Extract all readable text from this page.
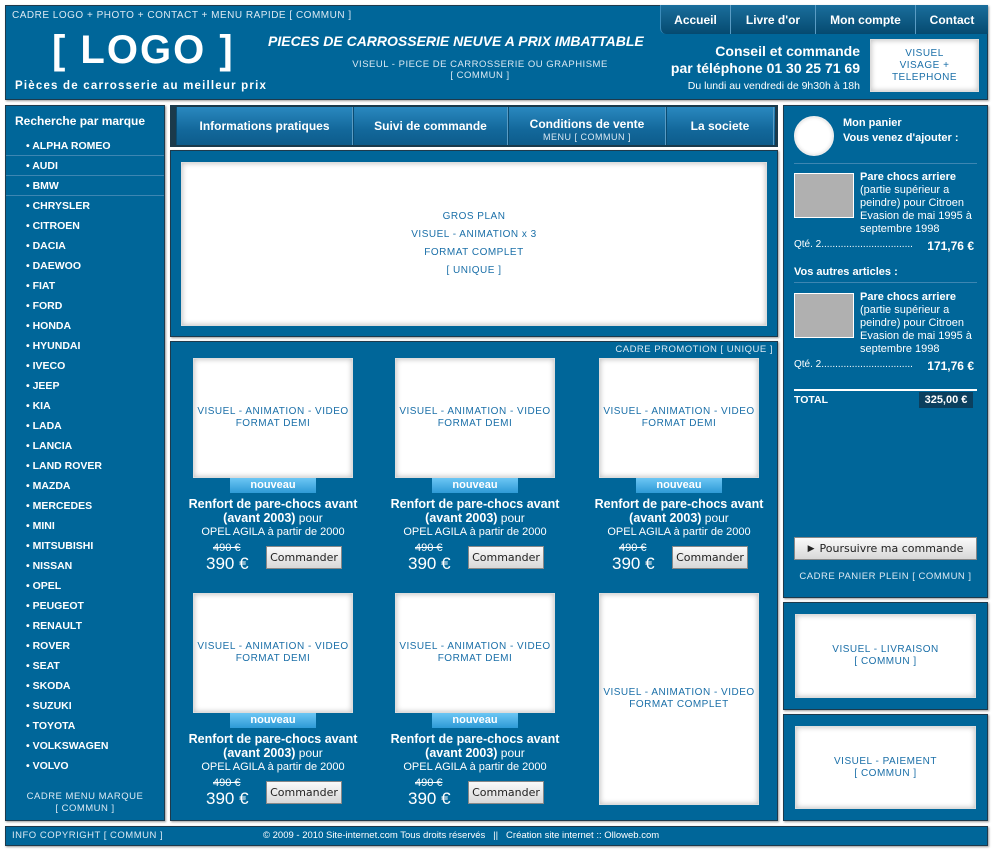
CADRE LOGO + PHOTO + CONTACT + MENU RAPIDE [ COMMUN ]
[ LOGO ]
Pièces de carrosserie au meilleur prix
PIECES DE CARROSSERIE NEUVE A PRIX IMBATTABLE
VISEUL - PIECE DE CARROSSERIE OU GRAPHISME
[ COMMUN ]
Conseil et commande
par téléphone 01 30 25 71 69
Du lundi au vendredi de 9h30h à 18h
VISUEL
VISAGE +
TELEPHONE
Accueil	Livre d'or	Mon compte	Contact
Recherche par marque
• ALPHA ROMEO
• AUDI
• BMW
• CHRYSLER
• CITROEN
• DACIA
• DAEWOO
• FIAT
• FORD
• HONDA
• HYUNDAI
• IVECO
• JEEP
• KIA
• LADA
• LANCIA
• LAND ROVER
• MAZDA
• MERCEDES
• MINI
• MITSUBISHI
• NISSAN
• OPEL
• PEUGEOT
• RENAULT
• ROVER
• SEAT
• SKODA
• SUZUKI
• TOYOTA
• VOLKSWAGEN
• VOLVO
CADRE MENU MARQUE
[ COMMUN ]
Informations pratiques	Suivi de commande	Conditions de vente
MENU [ COMMUN ]
La societe
GROS PLAN
VISUEL - ANIMATION x 3
FORMAT COMPLET
[ UNIQUE ]
CADRE PROMOTION [ UNIQUE ]
VISUEL - ANIMATION - VIDEO
FORMAT DEMI
nouveau
Renfort de pare-chocs avant (avant 2003) pour
OPEL AGILA à partir de 2000
490 €
390 €	Commander
VISUEL - ANIMATION - VIDEO
FORMAT DEMI
nouveau
Renfort de pare-chocs avant (avant 2003) pour
OPEL AGILA à partir de 2000
490 €
390 €	Commander
VISUEL - ANIMATION - VIDEO
FORMAT DEMI
nouveau
Renfort de pare-chocs avant (avant 2003) pour
OPEL AGILA à partir de 2000
490 €
390 €	Commander
VISUEL - ANIMATION - VIDEO
FORMAT DEMI
nouveau
Renfort de pare-chocs avant (avant 2003) pour
OPEL AGILA à partir de 2000
490 €
390 €	Commander
VISUEL - ANIMATION - VIDEO
FORMAT DEMI
nouveau
Renfort de pare-chocs avant (avant 2003) pour
OPEL AGILA à partir de 2000
490 €
390 €	Commander
VISUEL - ANIMATION - VIDEO
FORMAT COMPLET
Mon panier
Vous venez d'ajouter :
Pare chocs arriere
(partie supérieur a peindre) pour Citroen Evasion de mai 1995 à septembre 1998
Qté. 2................................. 171,76 €
Vos autres articles :
Pare chocs arriere
(partie supérieur a peindre) pour Citroen Evasion de mai 1995 à septembre 1998
Qté. 2................................. 171,76 €
TOTAL	325,00 €
▶ Poursuivre ma commande
CADRE PANIER PLEIN [ COMMUN ]
VISUEL - LIVRAISON
[ COMMUN ]
VISUEL - PAIEMENT
[ COMMUN ]
INFO COPYRIGHT [ COMMUN ]	© 2009 - 2010 Site-internet.com Tous droits réservés   ||   Création site internet :: Olloweb.com
